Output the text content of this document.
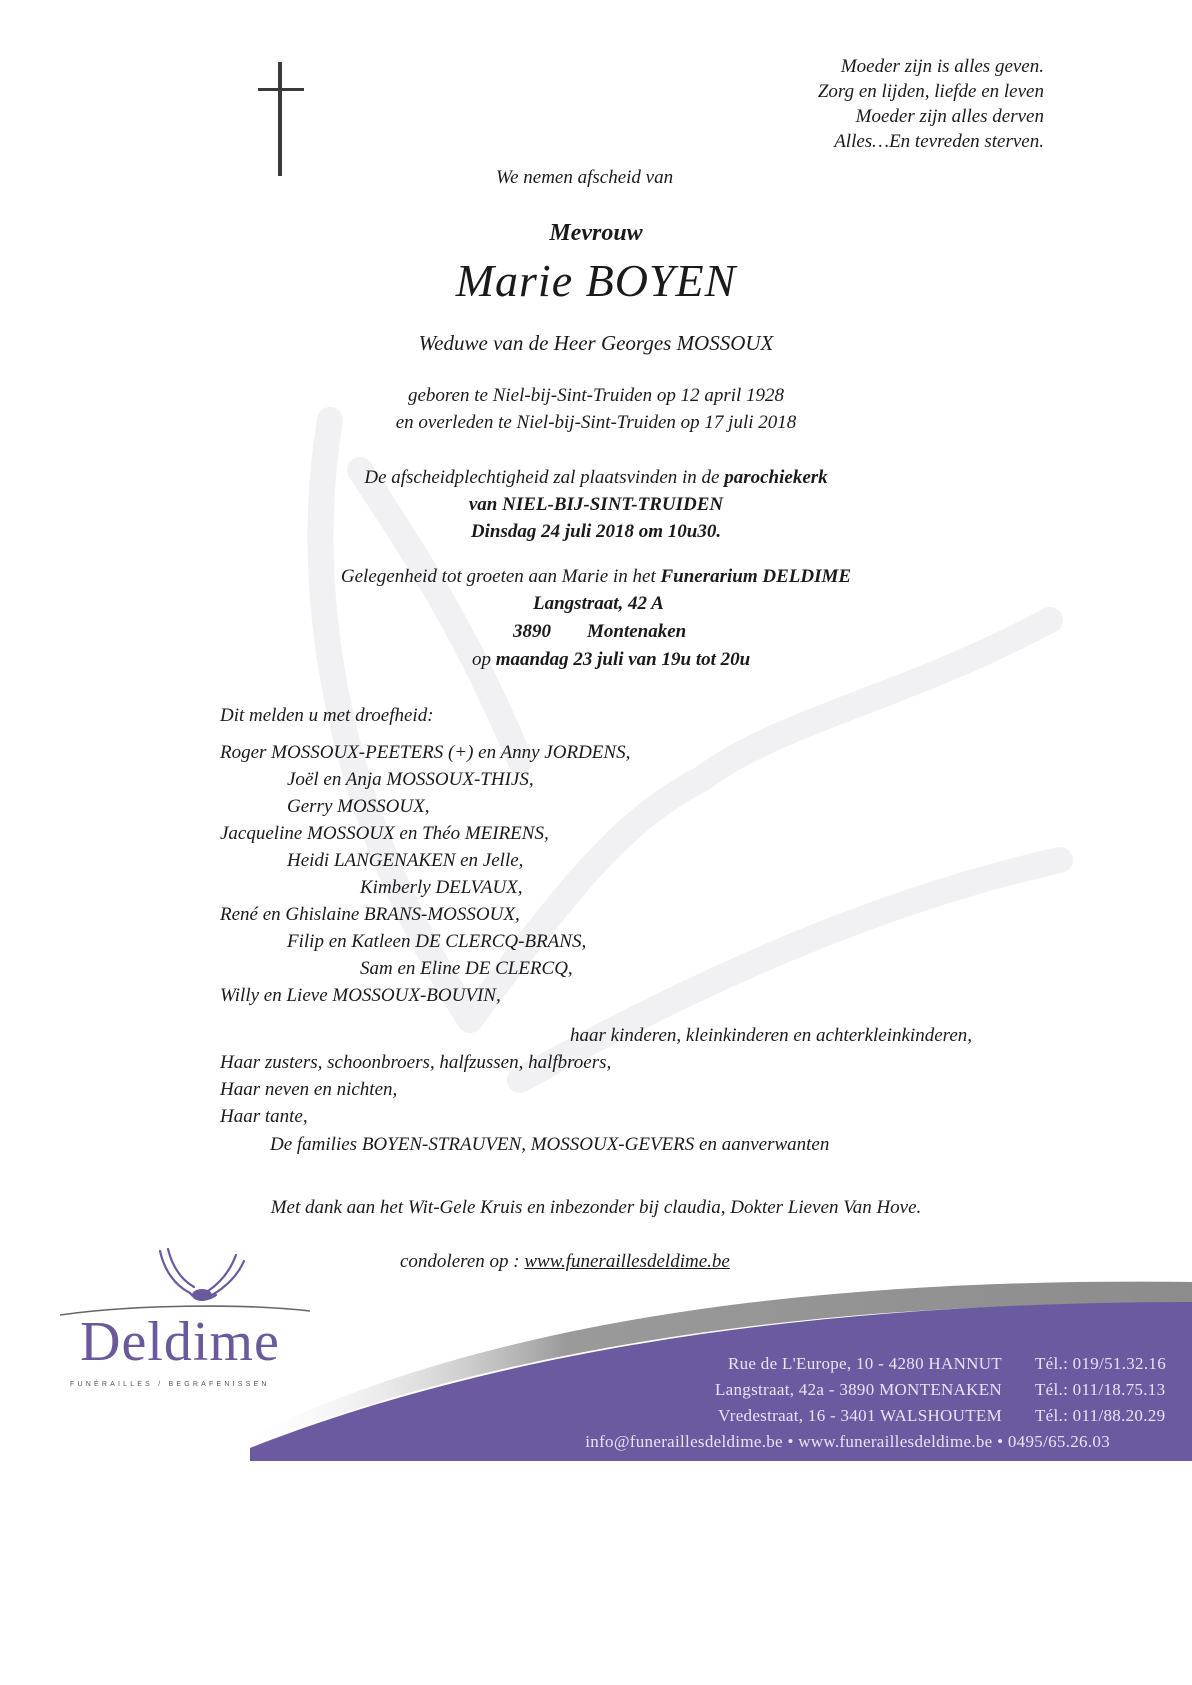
Moeder zijn is alles geven.
Zorg en lijden, liefde en leven
Moeder zijn alles derven
Alles…En tevreden sterven.
We nemen afscheid van
Mevrouw
Marie BOYEN
Weduwe van de Heer Georges MOSSOUX
geboren te Niel-bij-Sint-Truiden op 12 april 1928
en overleden te Niel-bij-Sint-Truiden op 17 juli 2018
De afscheidplechtigheid zal plaatsvinden in de parochiekerk
van NIEL-BIJ-SINT-TRUIDEN
Dinsdag 24 juli 2018 om 10u30.
Gelegenheid tot groeten aan Marie in het Funerarium DELDIME
Langstraat, 42 A
3890 Montenaken
op maandag 23 juli van 19u tot 20u
Dit melden u met droefheid:
Roger MOSSOUX-PEETERS (+) en Anny JORDENS,
Joël en Anja MOSSOUX-THIJS,
Gerry MOSSOUX,
Jacqueline MOSSOUX en Théo MEIRENS,
Heidi LANGENAKEN en Jelle,
Kimberly DELVAUX,
René en Ghislaine BRANS-MOSSOUX,
Filip en Katleen DE CLERCQ-BRANS,
Sam en Eline DE CLERCQ,
Willy en Lieve MOSSOUX-BOUVIN,
haar kinderen, kleinkinderen en achterkleinkinderen,
Haar zusters, schoonbroers, halfzussen, halfbroers,
Haar neven en nichten,
Haar tante,
De families BOYEN-STRAUVEN, MOSSOUX-GEVERS en aanverwanten
Met dank aan het Wit-Gele Kruis en inbezonder bij claudia, Dokter Lieven Van Hove.
condoleren op : www.funeraillesdeldime.be
Deldime
FUNÉRAILLES / BEGRAFENISSEN
Rue de L'Europe, 10 - 4280 HANNUT Tél.: 019/51.32.16
Langstraat, 42a - 3890 MONTENAKEN Tél.: 011/18.75.13
Vredestraat, 16 - 3401 WALSHOUTEM Tél.: 011/88.20.29
info@funeraillesdeldime.be • www.funeraillesdeldime.be • 0495/65.26.03
